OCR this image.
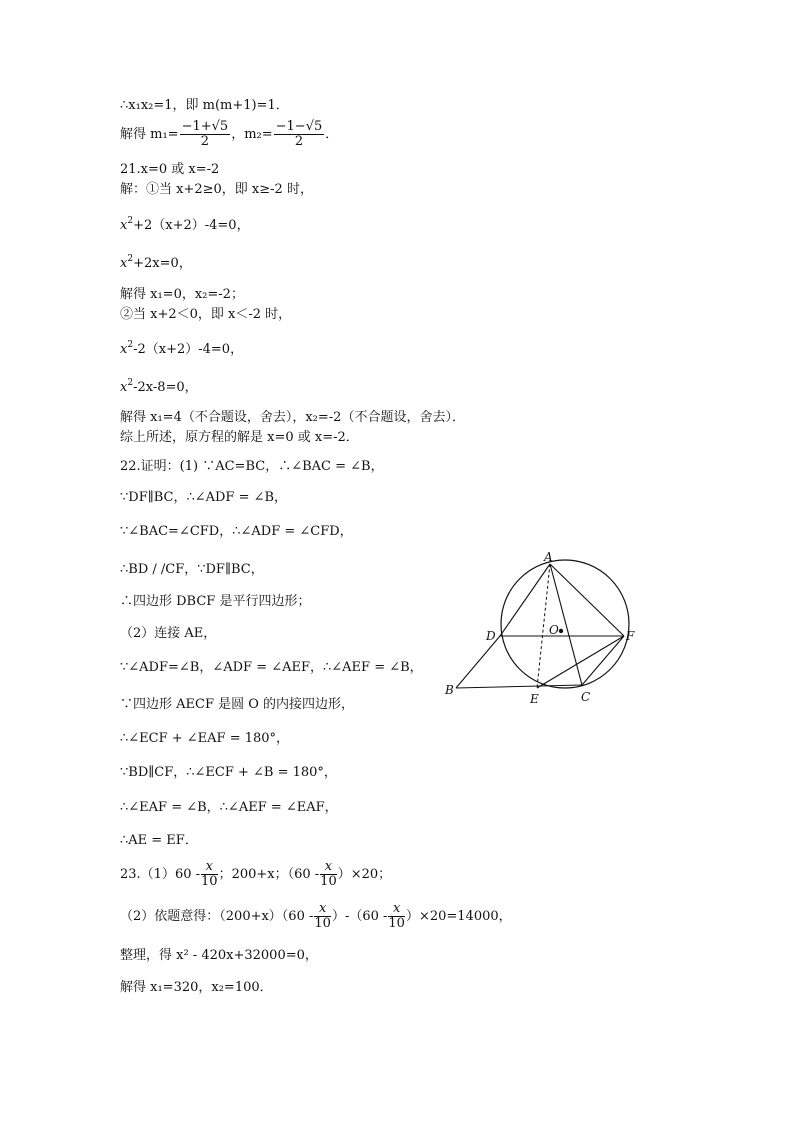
∴x₁x₂=1，即 m(m+1)=1．
解得 $m_1= \frac{-1+√5}{2}$ ，$m_2= \frac{-1-√5}{2}$ ．
21.x=0 或 x=-2
解：①当 x+2≥0，即 x≥-2 时，
$x^2+2(x+2)-4=0$，
$x^2+2x=0$，
解得 x₁=0，x₂=-2；
②当 x+2＜0，即 x＜-2 时，
$x^2-2(x+2)-4=0$，
$x^2-2x-8=0$，
解得 x₁=4（不合题设，舍去），x₂=-2（不合题设，舍去）．
综上所述，原方程的解是 x=0 或 x=-2．
22.证明：(1) ∵AC=BC，∴∠BAC = ∠B，
∵DF∥BC，∴∠ADF = ∠B，
∵∠BAC=∠CFD，∴∠ADF = ∠CFD，
∴BD / /CF，∵DF∥BC，
∴四边形 DBCF 是平行四边形；
（2）连接 AE，
∵∠ADF=∠B，∠ADF = ∠AEF，∴∠AEF = ∠B，
∵四边形 AECF 是圆 O 的内接四边形，
∴∠ECF + ∠EAF = 180°，
∵BD∥CF，∴∠ECF + ∠B = 180°，
∴∠EAF = ∠B，∴∠AEF = ∠EAF，
∴AE = EF．
$23.(1)60 - \frac{x}{10}$ ；200+x；$(60 - \frac{x}{10} )\times 20$；
（2）依题意得：$(200+x)(60 - \frac{x}{10} )-(60 - \frac{x}{10} )\times 20=14000$，
整理，得 x² - 420x+32000=0，
解得 x₁=320，x₂=100．
A
B	C
D
E
F
O
